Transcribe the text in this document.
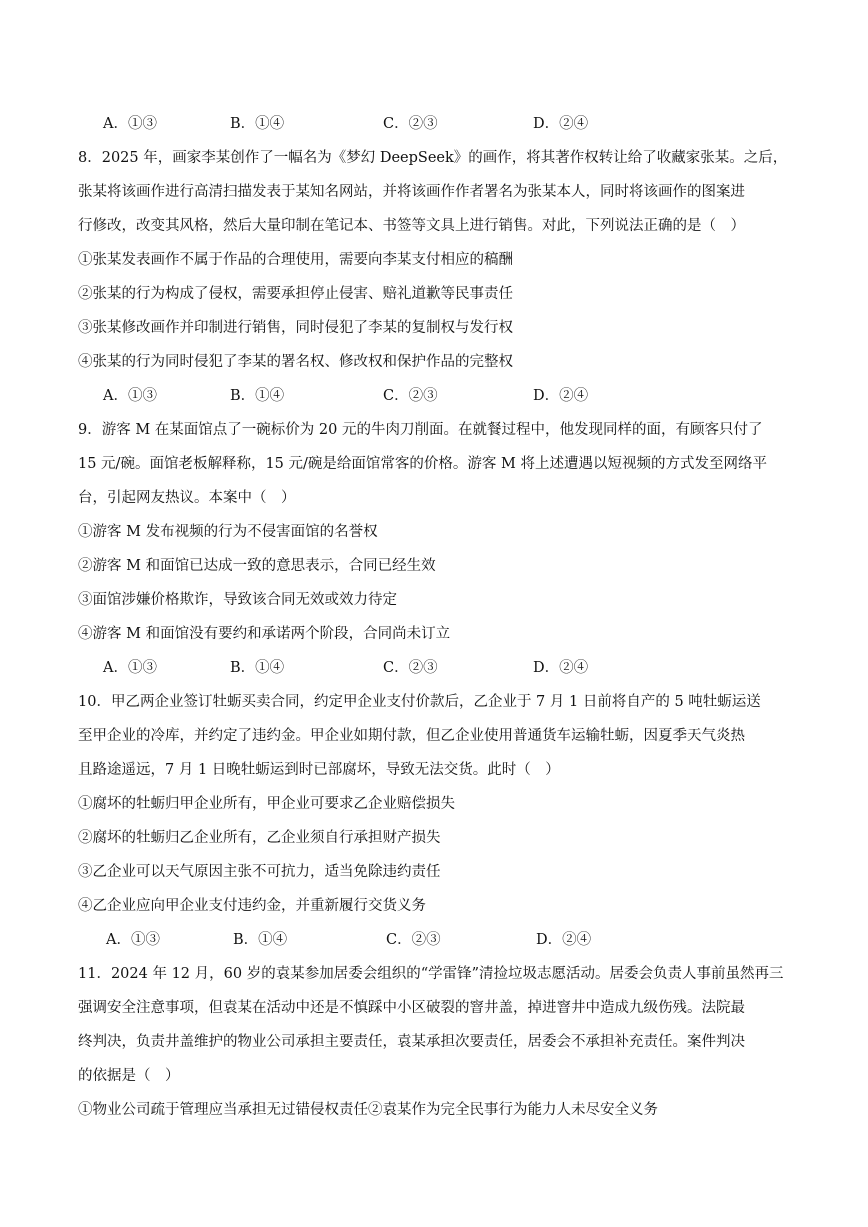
A．①③	B．①④	C．②③	D．②④
8．2025 年，画家李某创作了一幅名为《梦幻 DeepSeek》的画作，将其著作权转让给了收藏家张某。之后，
张某将该画作进行高清扫描发表于某知名网站，并将该画作作者署名为张某本人，同时将该画作的图案进
行修改，改变其风格，然后大量印制在笔记本、书签等文具上进行销售。对此，下列说法正确的是（　）
①张某发表画作不属于作品的合理使用，需要向李某支付相应的稿酬
②张某的行为构成了侵权，需要承担停止侵害、赔礼道歉等民事责任
③张某修改画作并印制进行销售，同时侵犯了李某的复制权与发行权
④张某的行为同时侵犯了李某的署名权、修改权和保护作品的完整权
A．①③	B．①④	C．②③	D．②④
9．游客 M 在某面馆点了一碗标价为 20 元的牛肉刀削面。在就餐过程中，他发现同样的面，有顾客只付了
15 元/碗。面馆老板解释称，15 元/碗是给面馆常客的价格。游客 M 将上述遭遇以短视频的方式发至网络平
台，引起网友热议。本案中（　）
①游客 M 发布视频的行为不侵害面馆的名誉权
②游客 M 和面馆已达成一致的意思表示，合同已经生效
③面馆涉嫌价格欺诈，导致该合同无效或效力待定
④游客 M 和面馆没有要约和承诺两个阶段，合同尚未订立
A．①③	B．①④	C．②③	D．②④
10．甲乙两企业签订牡蛎买卖合同，约定甲企业支付价款后，乙企业于 7 月 1 日前将自产的 5 吨牡蛎运送
至甲企业的冷库，并约定了违约金。甲企业如期付款，但乙企业使用普通货车运输牡蛎，因夏季天气炎热
且路途遥远，7 月 1 日晚牡蛎运到时已部腐坏，导致无法交货。此时（　）
①腐坏的牡蛎归甲企业所有，甲企业可要求乙企业赔偿损失
②腐坏的牡蛎归乙企业所有，乙企业须自行承担财产损失
③乙企业可以天气原因主张不可抗力，适当免除违约责任
④乙企业应向甲企业支付违约金，并重新履行交货义务
A．①③	B．①④	C．②③	D．②④
11．2024 年 12 月，60 岁的袁某参加居委会组织的“学雷锋”清捡垃圾志愿活动。居委会负责人事前虽然再三
强调安全注意事项，但袁某在活动中还是不慎踩中小区破裂的窨井盖，掉进窨井中造成九级伤残。法院最
终判决，负责井盖维护的物业公司承担主要责任，袁某承担次要责任，居委会不承担补充责任。案件判决
的依据是（　）
①物业公司疏于管理应当承担无过错侵权责任②袁某作为完全民事行为能力人未尽安全义务
